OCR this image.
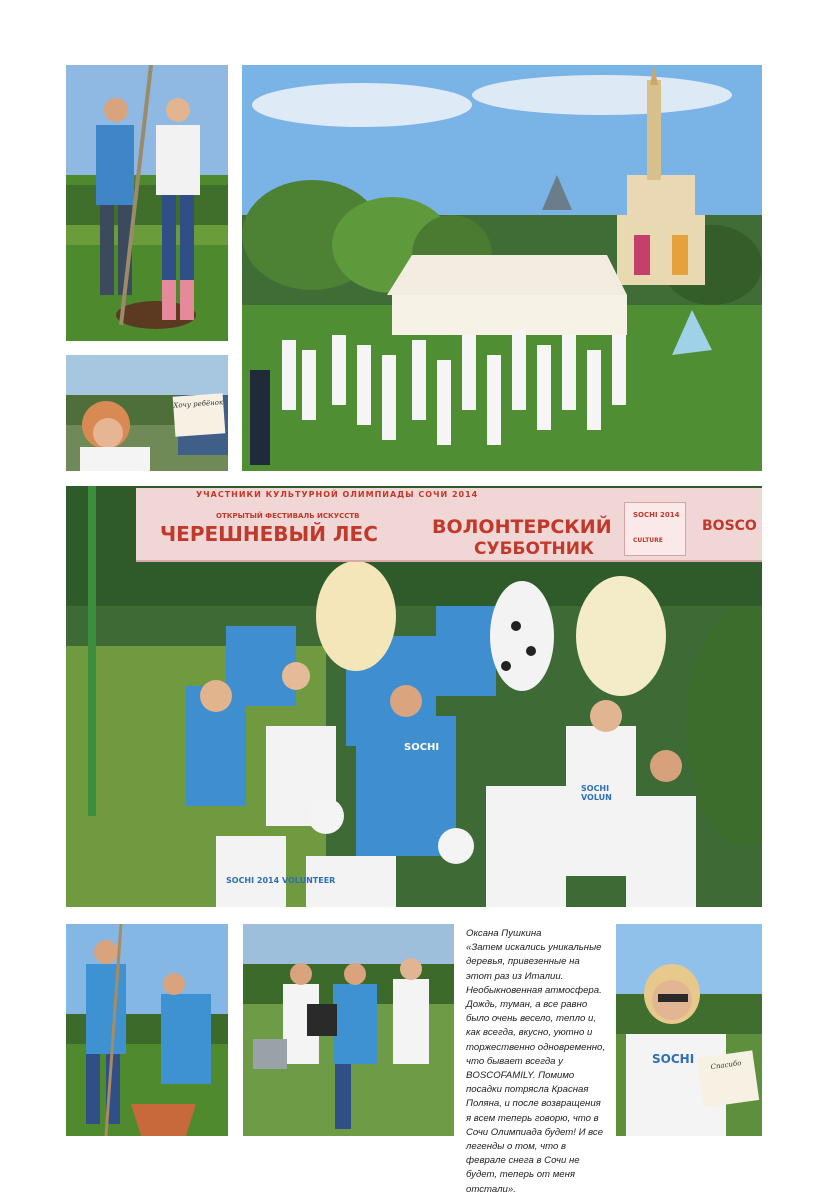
Хочу ребёнок
УЧАСТНИКИ КУЛЬТУРНОЙ ОЛИМПИАДЫ СОЧИ 2014
ОТКРЫТЫЙ ФЕСТИВАЛЬ ИСКУССТВ
ЧЕРЕШНЕВЫЙ ЛЕС	ВОЛОНТЕРСКИЙ
СУББОТНИК
SOCHI 2014
CULTURE
BOSCO
SOCHI
SOCHI VOLUN
SOCHI 2014 VOLUNTEER

Оксана Пушкина

«Затем искались уникальные деревья, привезенные на этот раз из Италии. Необыкновенная атмосфера. Дождь, туман, а все равно было очень весело, тепло и, как всегда, вкусно, уютно и торжественно одновременно, что бывает всегда у BOSCOFAMILY. Помимо посадки потрясла Красная Поляна, и после возвращения я всем теперь говорю, что в Сочи Олимпиада будет! И все легенды о том, что в феврале снега в Сочи не будет, теперь от меня отстали».

SOCHI	Спасибо
